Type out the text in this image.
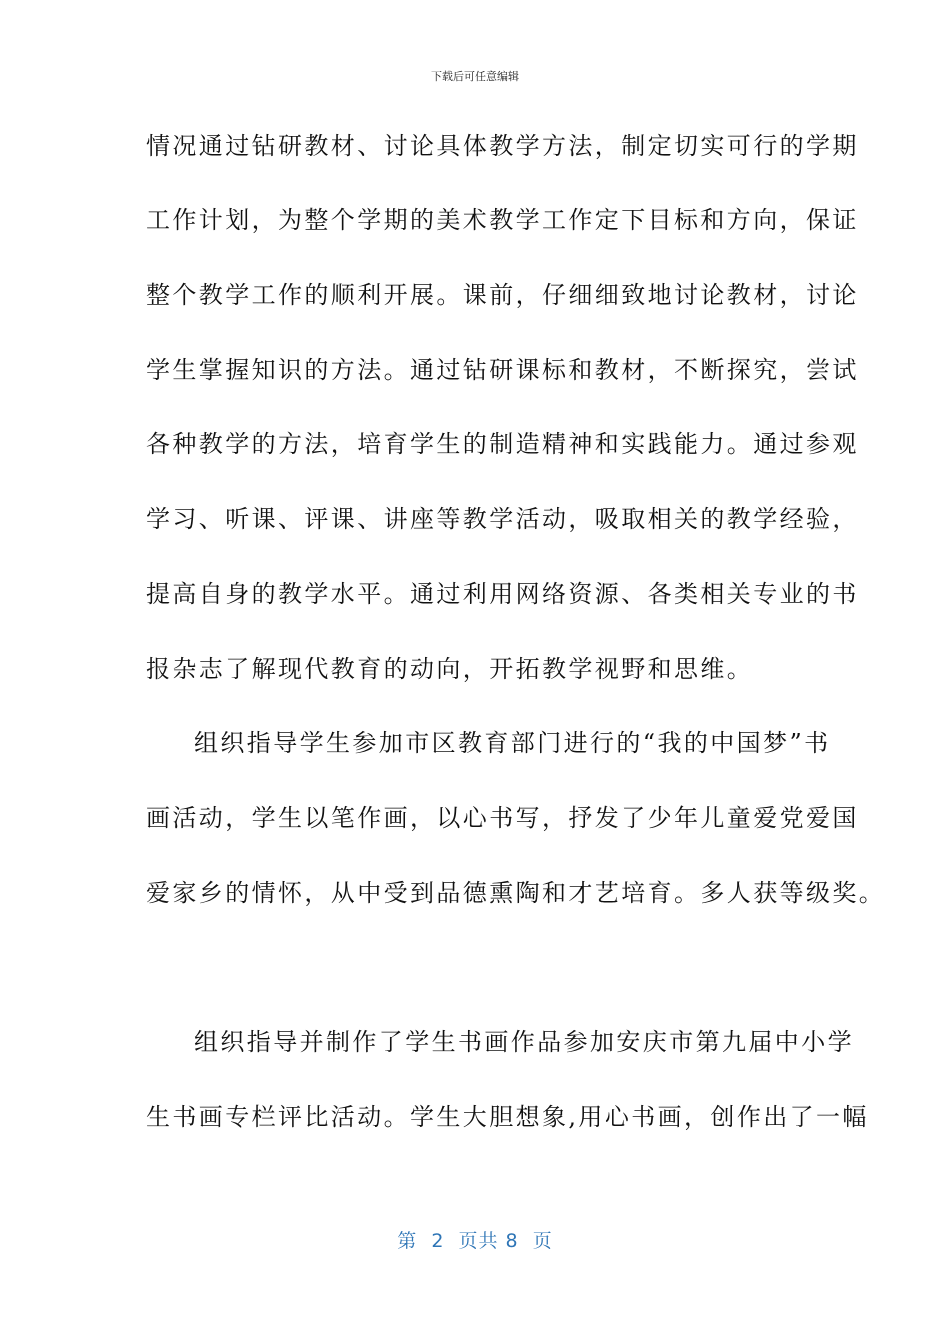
下载后可任意编辑
情况通过钻研教材、讨论具体教学方法，制定切实可行的学期
工作计划，为整个学期的美术教学工作定下目标和方向，保证
整个教学工作的顺利开展。课前，仔细细致地讨论教材，讨论
学生掌握知识的方法。通过钻研课标和教材，不断探究，尝试
各种教学的方法，培育学生的制造精神和实践能力。通过参观
学习、听课、评课、讲座等教学活动，吸取相关的教学经验，
提高自身的教学水平。通过利用网络资源、各类相关专业的书
报杂志了解现代教育的动向，开拓教学视野和思维。
组织指导学生参加市区教育部门进行的“我的中国梦”书
画活动，学生以笔作画，以心书写，抒发了少年儿童爱党爱国
爱家乡的情怀，从中受到品德熏陶和才艺培育。多人获等级奖。
组织指导并制作了学生书画作品参加安庆市第九届中小学
生书画专栏评比活动。学生大胆想象,用心书画，创作出了一幅
第  2  页共 8  页
